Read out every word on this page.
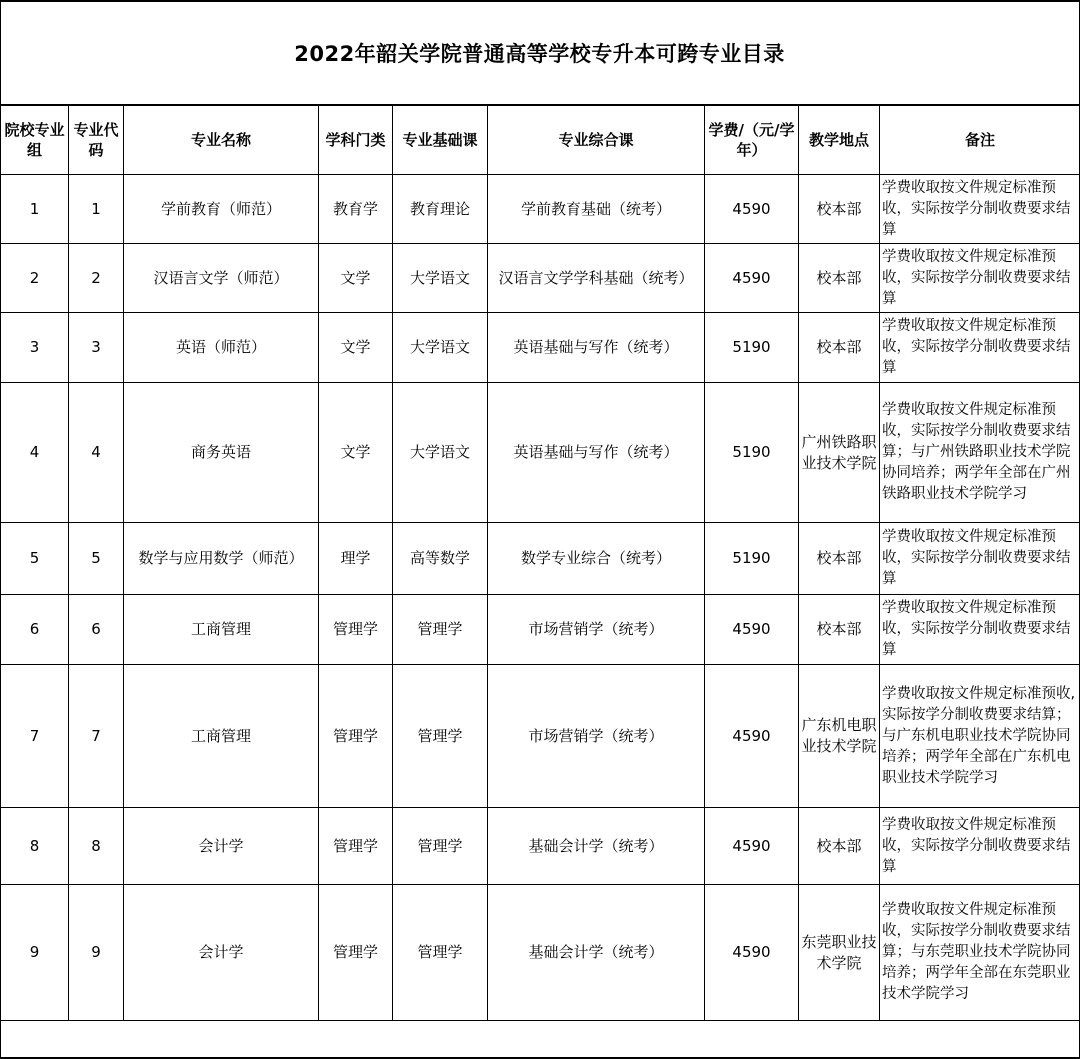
2022年韶关学院普通高等学校专升本可跨专业目录
院校专业组	专业代码	专业名称	学科门类	专业基础课	专业综合课	学费/（元/学年）	教学地点	备注
1	1	学前教育（师范）	教育学	教育理论	学前教育基础（统考）	4590	校本部	学费收取按文件规定标准预收，实际按学分制收费要求结算
2	2	汉语言文学（师范）	文学	大学语文	汉语言文学学科基础（统考）	4590	校本部	学费收取按文件规定标准预收，实际按学分制收费要求结算
3	3	英语（师范）	文学	大学语文	英语基础与写作（统考）	5190	校本部	学费收取按文件规定标准预收，实际按学分制收费要求结算
4	4	商务英语	文学	大学语文	英语基础与写作（统考）	5190	广州铁路职业技术学院	学费收取按文件规定标准预收，实际按学分制收费要求结算；与广州铁路职业技术学院协同培养；两学年全部在广州铁路职业技术学院学习
5	5	数学与应用数学（师范）	理学	高等数学	数学专业综合（统考）	5190	校本部	学费收取按文件规定标准预收，实际按学分制收费要求结算
6	6	工商管理	管理学	管理学	市场营销学（统考）	4590	校本部	学费收取按文件规定标准预收，实际按学分制收费要求结算
7	7	工商管理	管理学	管理学	市场营销学（统考）	4590	广东机电职业技术学院	学费收取按文件规定标准预收,实际按学分制收费要求结算；与广东机电职业技术学院协同培养；两学年全部在广东机电职业技术学院学习
8	8	会计学	管理学	管理学	基础会计学（统考）	4590	校本部	学费收取按文件规定标准预收，实际按学分制收费要求结算
9	9	会计学	管理学	管理学	基础会计学（统考）	4590	东莞职业技术学院	学费收取按文件规定标准预收，实际按学分制收费要求结算；与东莞职业技术学院协同培养；两学年全部在东莞职业技术学院学习
